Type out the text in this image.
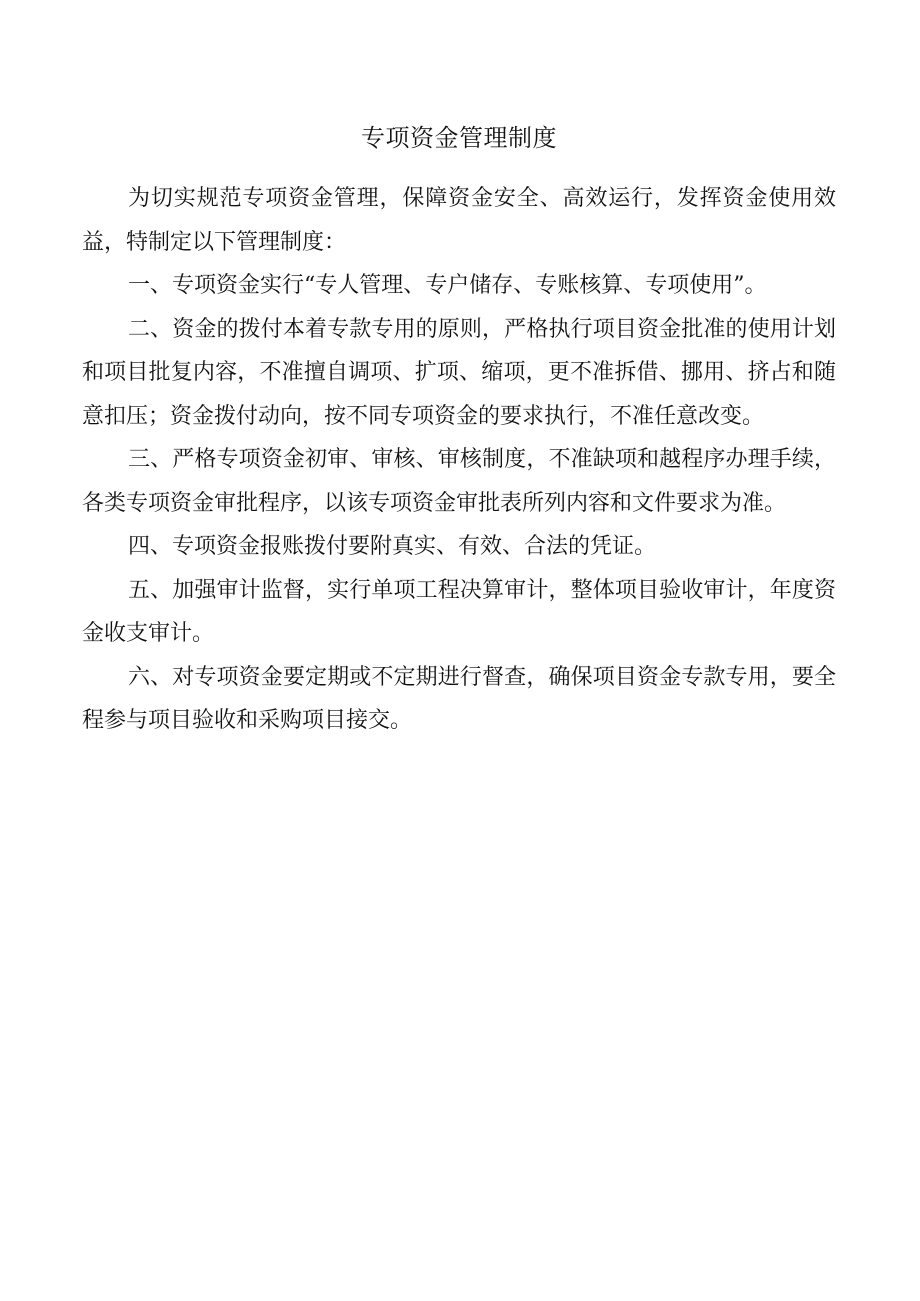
专项资金管理制度

为切实规范专项资金管理，保障资金安全、高效运行，发挥资金使用效益，特制定以下管理制度：

一、专项资金实行“专人管理、专户储存、专账核算、专项使用”。

二、资金的拨付本着专款专用的原则，严格执行项目资金批准的使用计划和项目批复内容，不准擅自调项、扩项、缩项，更不准拆借、挪用、挤占和随意扣压；资金拨付动向，按不同专项资金的要求执行，不准任意改变。

三、严格专项资金初审、审核、审核制度，不准缺项和越程序办理手续，各类专项资金审批程序，以该专项资金审批表所列内容和文件要求为准。

四、专项资金报账拨付要附真实、有效、合法的凭证。

五、加强审计监督，实行单项工程决算审计，整体项目验收审计，年度资金收支审计。

六、对专项资金要定期或不定期进行督查，确保项目资金专款专用，要全程参与项目验收和采购项目接交。
